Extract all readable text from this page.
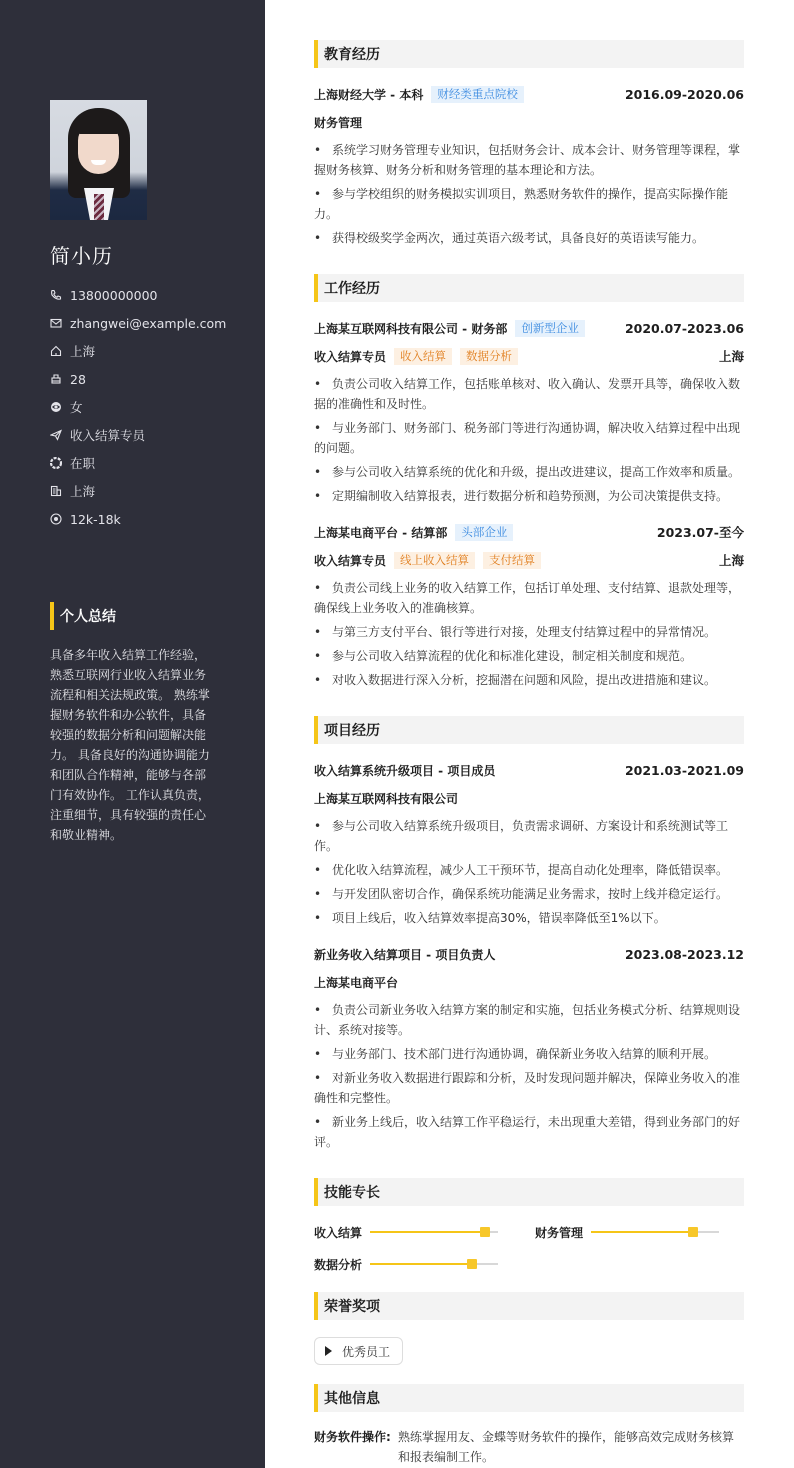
简小历
13800000000
zhangwei@example.com
上海
28
女
收入结算专员
在职
上海
12k-18k
个人总结

具备多年收入结算工作经验，熟悉互联网行业收入结算业务流程和相关法规政策。 熟练掌握财务软件和办公软件，具备较强的数据分析和问题解决能力。 具备良好的沟通协调能力和团队合作精神，能够与各部门有效协作。 工作认真负责，注重细节，具有较强的责任心和敬业精神。

教育经历
上海财经大学 - 本科	财经类重点院校	2016.09-2020.06
财务管理
• 系统学习财务管理专业知识，包括财务会计、成本会计、财务管理等课程，掌握财务核算、财务分析和财务管理的基本理论和方法。
• 参与学校组织的财务模拟实训项目，熟悉财务软件的操作，提高实际操作能力。
• 获得校级奖学金两次，通过英语六级考试，具备良好的英语读写能力。
工作经历
上海某互联网科技有限公司 - 财务部	创新型企业	2020.07-2023.06
收入结算专员	收入结算	数据分析	上海
• 负责公司收入结算工作，包括账单核对、收入确认、发票开具等，确保收入数据的准确性和及时性。
• 与业务部门、财务部门、税务部门等进行沟通协调，解决收入结算过程中出现的问题。
• 参与公司收入结算系统的优化和升级，提出改进建议，提高工作效率和质量。
• 定期编制收入结算报表，进行数据分析和趋势预测，为公司决策提供支持。
上海某电商平台 - 结算部	头部企业	2023.07-至今
收入结算专员	线上收入结算	支付结算	上海
• 负责公司线上业务的收入结算工作，包括订单处理、支付结算、退款处理等，确保线上业务收入的准确核算。
• 与第三方支付平台、银行等进行对接，处理支付结算过程中的异常情况。
• 参与公司收入结算流程的优化和标准化建设，制定相关制度和规范。
• 对收入数据进行深入分析，挖掘潜在问题和风险，提出改进措施和建议。
项目经历
收入结算系统升级项目 - 项目成员	2021.03-2021.09
上海某互联网科技有限公司
• 参与公司收入结算系统升级项目，负责需求调研、方案设计和系统测试等工作。
• 优化收入结算流程，减少人工干预环节，提高自动化处理率，降低错误率。
• 与开发团队密切合作，确保系统功能满足业务需求，按时上线并稳定运行。
• 项目上线后，收入结算效率提高30%，错误率降低至1%以下。
新业务收入结算项目 - 项目负责人	2023.08-2023.12
上海某电商平台
• 负责公司新业务收入结算方案的制定和实施，包括业务模式分析、结算规则设计、系统对接等。
• 与业务部门、技术部门进行沟通协调，确保新业务收入结算的顺利开展。
• 对新业务收入数据进行跟踪和分析，及时发现问题并解决，保障业务收入的准确性和完整性。
• 新业务上线后，收入结算工作平稳运行，未出现重大差错，得到业务部门的好评。
技能专长
收入结算	财务管理
数据分析
荣誉奖项
优秀员工
其他信息
财务软件操作: 熟练掌握用友、金蝶等财务软件的操作，能够高效完成财务核算和报表编制工作。
